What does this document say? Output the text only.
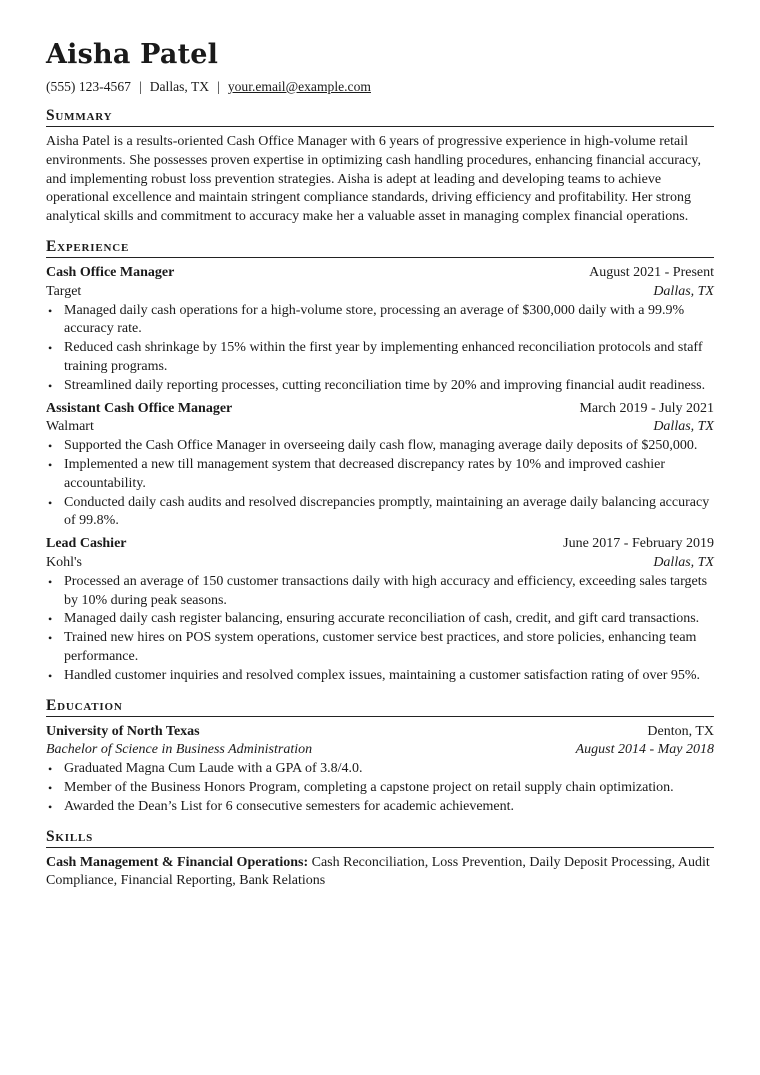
Aisha Patel
(555) 123-4567 | Dallas, TX | your.email@example.com
Summary

Aisha Patel is a results-oriented Cash Office Manager with 6 years of progressive experience in high-volume retail environments. She possesses proven expertise in optimizing cash handling procedures, enhancing financial accuracy, and implementing robust loss prevention strategies. Aisha is adept at leading and developing teams to achieve operational excellence and maintain stringent compliance standards, driving efficiency and profitability. Her strong analytical skills and commitment to accuracy make her a valuable asset in managing complex financial operations.

Experience
Cash Office Manager	August 2021 - Present
Target	Dallas, TX
• Managed daily cash operations for a high-volume store, processing an average of $300,000 daily with a 99.9% accuracy rate.
• Reduced cash shrinkage by 15% within the first year by implementing enhanced reconciliation protocols and staff training programs.
• Streamlined daily reporting processes, cutting reconciliation time by 20% and improving financial audit readiness.
Assistant Cash Office Manager	March 2019 - July 2021
Walmart	Dallas, TX
• Supported the Cash Office Manager in overseeing daily cash flow, managing average daily deposits of $250,000.
• Implemented a new till management system that decreased discrepancy rates by 10% and improved cashier accountability.
• Conducted daily cash audits and resolved discrepancies promptly, maintaining an average daily balancing accuracy of 99.8%.
Lead Cashier	June 2017 - February 2019
Kohl's	Dallas, TX
• Processed an average of 150 customer transactions daily with high accuracy and efficiency, exceeding sales targets by 10% during peak seasons.
• Managed daily cash register balancing, ensuring accurate reconciliation of cash, credit, and gift card transactions.
• Trained new hires on POS system operations, customer service best practices, and store policies, enhancing team performance.
• Handled customer inquiries and resolved complex issues, maintaining a customer satisfaction rating of over 95%.
Education
University of North Texas	Denton, TX
Bachelor of Science in Business Administration	August 2014 - May 2018
• Graduated Magna Cum Laude with a GPA of 3.8/4.0.
• Member of the Business Honors Program, completing a capstone project on retail supply chain optimization.
• Awarded the Dean’s List for 6 consecutive semesters for academic achievement.
Skills
Cash Management & Financial Operations: Cash Reconciliation, Loss Prevention, Daily Deposit Processing, Audit Compliance, Financial Reporting, Bank Relations
